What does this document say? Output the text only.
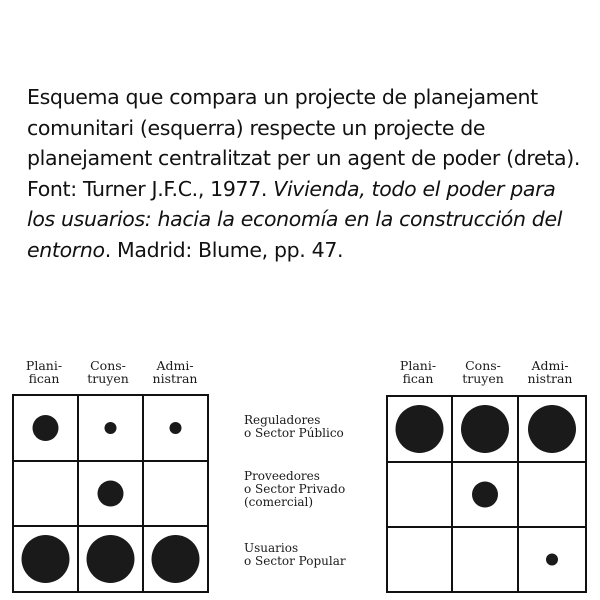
Esquema que compara un projecte de planejament

comunitari (esquerra) respecte un projecte de

planejament centralitzat per un agent de poder (dreta).

Font: Turner J.F.C., 1977. Vivienda, todo el poder para

los usuarios: hacia la economía en la construcción del

entorno. Madrid: Blume, pp. 47.

Plani-
fican
Cons-
truyen
Admi-
nistran
Plani-
fican
Cons-
truyen
Admi-
nistran
Reguladores
o Sector Público
Proveedores
o Sector Privado
(comercial)
Usuarios
o Sector Popular
